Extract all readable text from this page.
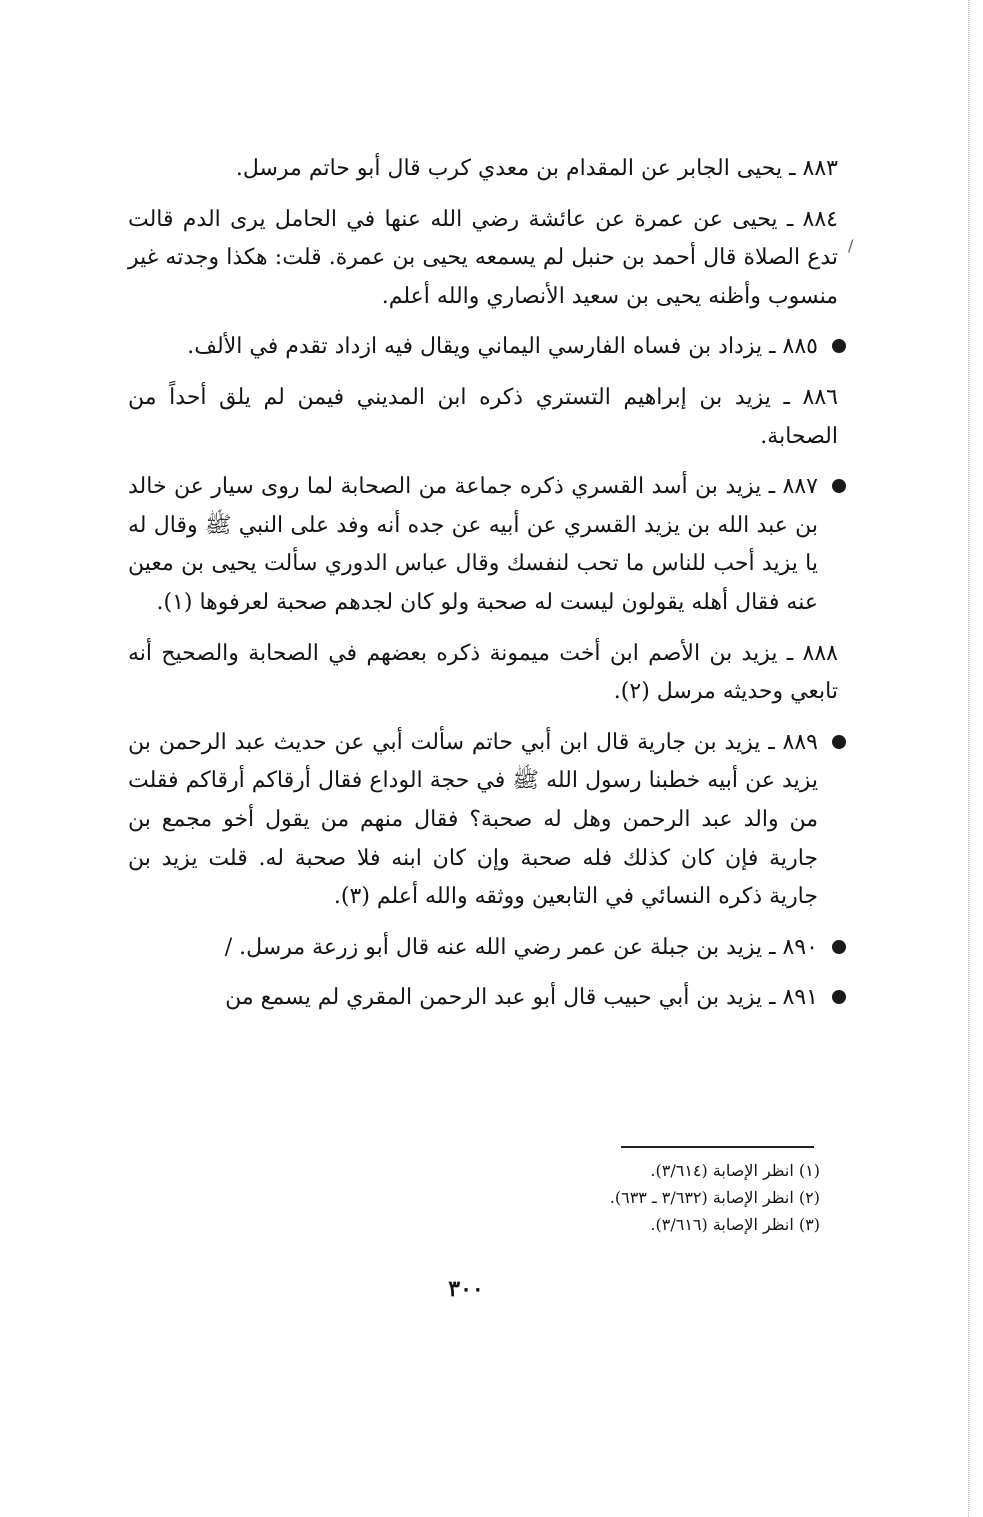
/

٨٨٣ ـ يحيى الجابر عن المقدام بن معدي كرب قال أبو حاتم مرسل.

٨٨٤ ـ يحيى عن عمرة عن عائشة رضي الله عنها في الحامل يرى الدم قالت تدع الصلاة قال أحمد بن حنبل لم يسمعه يحيى بن عمرة. قلت: هكذا وجدته غير منسوب وأظنه يحيى بن سعيد الأنصاري والله أعلم.

٨٨٥ ـ يزداد بن فساه الفارسي اليماني ويقال فيه ازداد تقدم في الألف.

٨٨٦ ـ يزيد بن إبراهيم التستري ذكره ابن المديني فيمن لم يلق أحداً من الصحابة.

٨٨٧ ـ يزيد بن أسد القسري ذكره جماعة من الصحابة لما روى سيار عن خالد بن عبد الله بن يزيد القسري عن أبيه عن جده أنه وفد على النبي ﷺ وقال له يا يزيد أحب للناس ما تحب لنفسك وقال عباس الدوري سألت يحيى بن معين عنه فقال أهله يقولون ليست له صحبة ولو كان لجدهم صحبة لعرفوها (١).

٨٨٨ ـ يزيد بن الأصم ابن أخت ميمونة ذكره بعضهم في الصحابة والصحيح أنه تابعي وحديثه مرسل (٢).

٨٨٩ ـ يزيد بن جارية قال ابن أبي حاتم سألت أبي عن حديث عبد الرحمن بن يزيد عن أبيه خطبنا رسول الله ﷺ في حجة الوداع فقال أرقاكم أرقاكم فقلت من والد عبد الرحمن وهل له صحبة؟ فقال منهم من يقول أخو مجمع بن جارية فإن كان كذلك فله صحبة وإن كان ابنه فلا صحبة له. قلت يزيد بن جارية ذكره النسائي في التابعين ووثقه والله أعلم (٣).

٨٩٠ ـ يزيد بن جبلة عن عمر رضي الله عنه قال أبو زرعة مرسل. /

٨٩١ ـ يزيد بن أبي حبيب قال أبو عبد الرحمن المقري لم يسمع من

(١) انظر الإصابة (٣/٦١٤).

(٢) انظر الإصابة (٣/٦٣٢ ـ ٦٣٣).

(٣) انظر الإصابة (٣/٦١٦).

٣٠٠
